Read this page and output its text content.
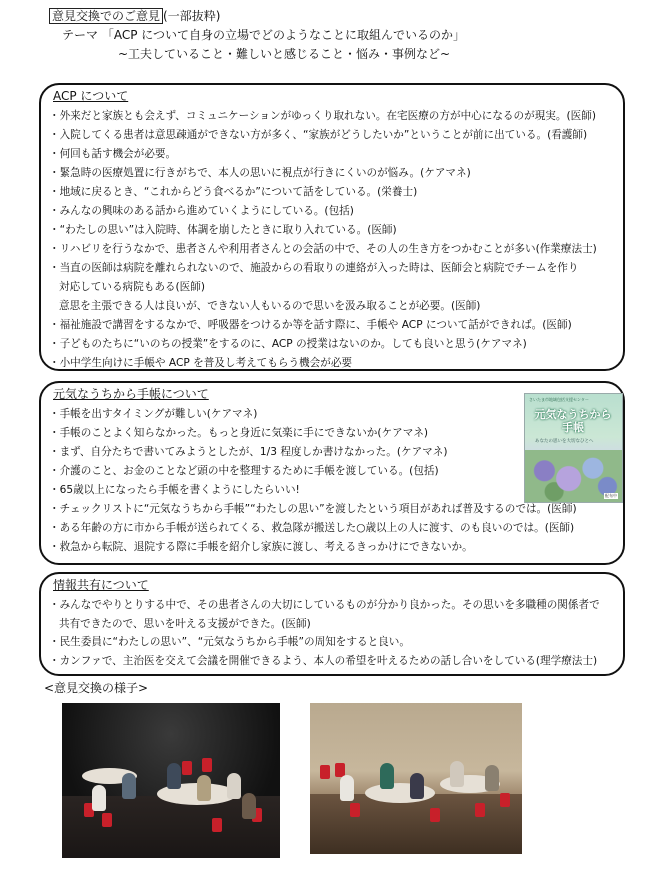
意見交換でのご意見 (一部抜粋)
テーマ 「ACP について自身の立場でどのようなことに取組んでいるのか」
~工夫していること・難しいと感じること・悩み・事例など~
ACP について
・外来だと家族とも会えず、コミュニケーションがゆっくり取れない。在宅医療の方が中心になるのが現実。(医師)
・入院してくる患者は意思疎通ができない方が多く、“家族がどうしたいか”ということが前に出ている。(看護師)
・何回も話す機会が必要。
・緊急時の医療処置に行きがちで、本人の思いに視点が行きにくいのが悩み。(ケアマネ)
・地域に戻るとき、“これからどう食べるか”について話をしている。(栄養士)
・みんなの興味のある話から進めていくようにしている。(包括)
・“わたしの思い”は入院時、体調を崩したときに取り入れている。(医師)
・リハビリを行うなかで、患者さんや利用者さんとの会話の中で、その人の生き方をつかむことが多い(作業療法士)
・当直の医師は病院を離れられないので、施設からの看取りの連絡が入った時は、医師会と病院でチームを作り
対応している病院もある(医師)
意思を主張できる人は良いが、できない人もいるので思いを汲み取ることが必要。(医師)
・福祉施設で講習をするなかで、呼吸器をつけるか等を話す際に、手帳や ACP について話ができれば。(医師)
・子どものたちに“いのちの授業”をするのに、ACP の授業はないのか。しても良いと思う(ケアマネ)
・小中学生向けに手帳や ACP を普及し考えてもらう機会が必要
元気なうちから手帳について
・手帳を出すタイミングが難しい(ケアマネ)
・手帳のことよく知らなかった。もっと身近に気楽に手にできないか(ケアマネ)
・まず、自分たちで書いてみようとしたが、1/3 程度しか書けなかった。(ケアマネ)
・介護のこと、お金のことなど頭の中を整理するために手帳を渡している。(包括)
・65歳以上になったら手帳を書くようにしたらいい!
・チェックリストに“元気なうちから手帳”“わたしの思い”を渡したという項目があれば普及するのでは。(医師)
・ある年齢の方に市から手帳が送られてくる、救急隊が搬送した○歳以上の人に渡す、のも良いのでは。(医師)
・救急から転院、退院する際に手帳を紹介し家族に渡し、考えるきっかけにできないか。
さいたま市地域包括支援センター
元気なうちから手帳
あなたの思いを大切なひとへ
配布中
情報共有について
・みんなでやりとりする中で、その患者さんの大切にしているものが分かり良かった。その思いを多職種の関係者で
共有できたので、思いを叶える支援ができた。(医師)
・民生委員に“わたしの思い”、“元気なうちから手帳”の周知をすると良い。
・カンファで、主治医を交えて会議を開催できるよう、本人の希望を叶えるための話し合いをしている(理学療法士)
<意見交換の様子>
